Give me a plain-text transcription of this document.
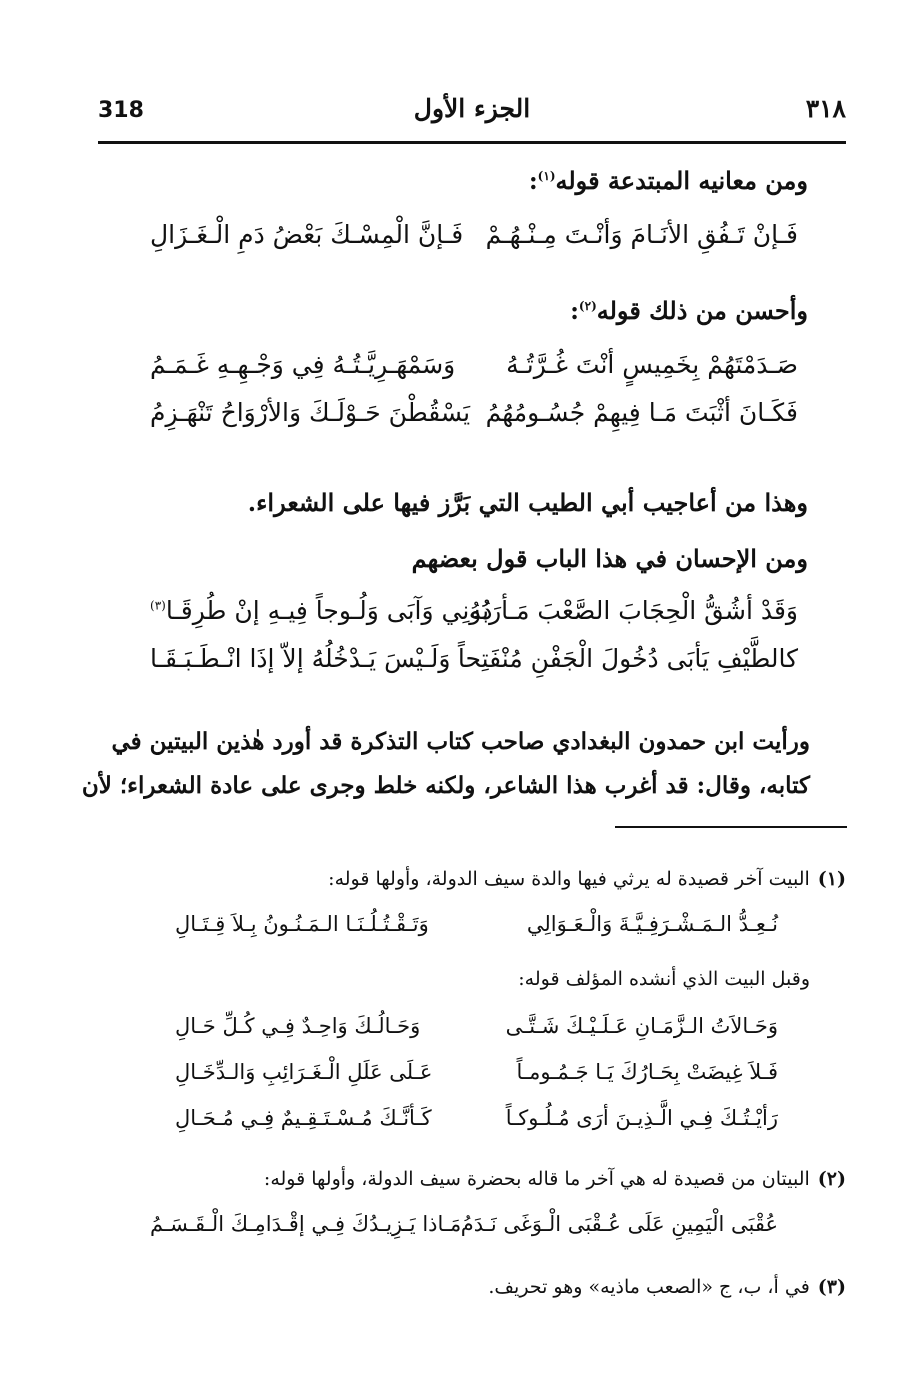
318	الجزء الأول	٣١٨
ومن معانيه المبتدعة قوله$^{(١)}$:
فَـإنْ تَـفُقِ الأنَـامَ وَأنْـتَ مِـنْـهُـمْ
فَـإنَّ الْمِسْـكَ بَعْضُ دَمِ الْـغَـزَالِ
وأحسن من ذلك قوله$^{(٢)}$:
صَـدَمْتَهُمْ بِخَمِيسٍ أنْتَ غُـرَّتُـهُ
وَسَمْهَـرِيَّـتُـهُ فِي وَجْـهِـهِ غَـمَـمُ
فَكَـانَ أثْبَتَ مَـا فِيهِمْ جُسُـومُهُمُ
يَسْقُطْنَ حَـوْلَـكَ وَالأرْوَاحُ تَنْهَـزِمُ
وهذا من أعاجيب أبي الطيب التي بَرَّز فيها على الشعراء.
ومن الإحسان في هذا الباب قول بعضهم
وَقَدْ أشُقُّ الْحِجَابَ الصَّعْبَ مَـأرَبُهُ
دُونِي وَآبَى وَلُـوجاً فِيـهِ إنْ طُرِقَـا$^{(٣)}$
كالطَّيْفِ يَأبَى دُخُولَ الْجَفْنِ مُنْفَتِحاً
وَلَـيْسَ يَـدْخُلُهُ إلاّ إذَا انْـطَـبَـقَـا
ورأيت ابن حمدون البغدادي صاحب كتاب التذكرة قد أورد هٰذين البيتين في
كتابه، وقال: قد أغرب هذا الشاعر، ولكنه خلط وجرى على عادة الشعراء؛ لأن
(١)البيت آخر قصيدة له يرثي فيها والدة سيف الدولة، وأولها قوله:
نُـعِـدُّ الـمَـشْـرَفِـيَّـةَ وَالْـعَـوَالِي
وَتَـقْـتُـلُـنَـا الـمَـنُـونُ بِـلاَ قِـتَـالِ
وقبل البيت الذي أنشده المؤلف قوله:
وَحَـالاَتُ الـزَّمَـانِ عَـلَـيْـكَ شَـتَّـى
وَحَـالُـكَ وَاحِـدٌ فِـي كُـلِّ حَـالِ
فَـلاَ غِيضَتْ بِحَـارُكَ يَـا جَـمُـومـاً
عَـلَى عَلَلِ الْـغَـرَائِبِ وَالـدِّخَـالِ
رَأيْـتُـكَ فِـي الَّـذِيـنَ أرَى مُـلُـوكـاً
كَـأنَّـكَ مُـسْـتَـقِـيمٌ فِـي مُـحَـالِ
(٢)البيتان من قصيدة له هي آخر ما قاله بحضرة سيف الدولة، وأولها قوله:
عُقْبَى الْيَمِينِ عَلَى عُـقْبَى الْـوَغَى نَـدَمُ
مَـاذا يَـزِيـدُكَ فِـي إقْـدَامِـكَ الْـقَـسَـمُ
(٣)في أ، ب، ج «الصعب ماذيه» وهو تحريف.
